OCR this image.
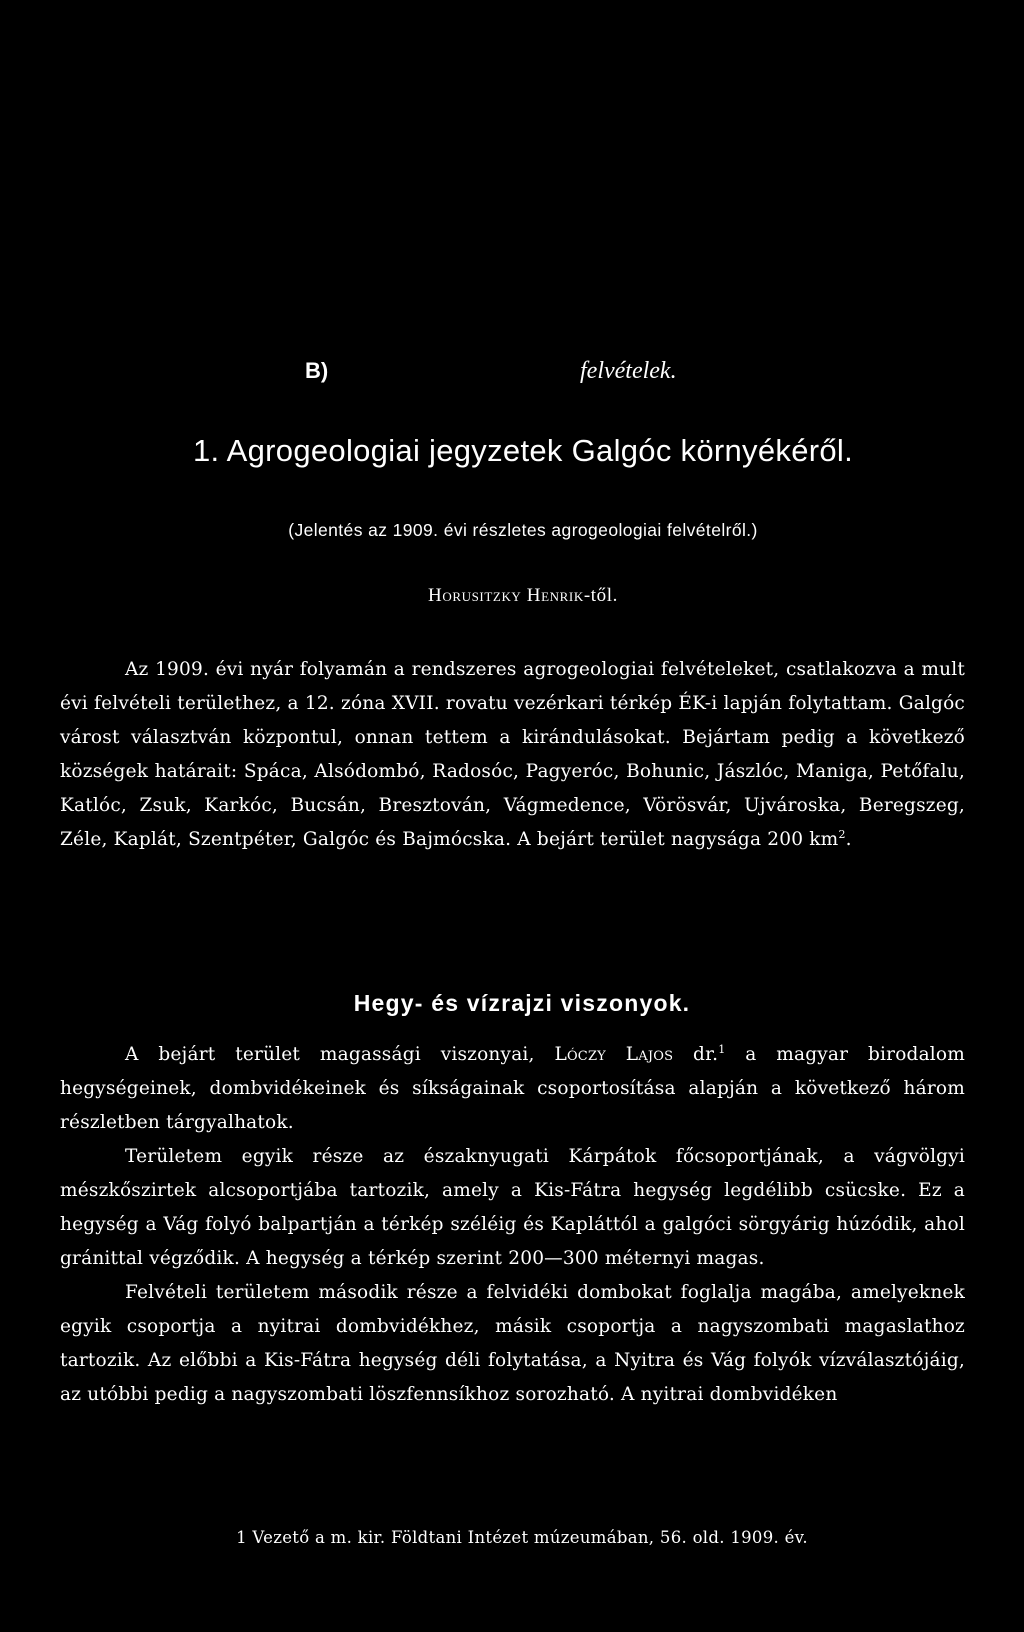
B)	felvételek.
1. Agrogeologiai jegyzetek Galgóc környékéről.
(Jelentés az 1909. évi részletes agrogeologiai felvételről.)
Horusitzky Henrik-től.

Az 1909. évi nyár folyamán a rendszeres agrogeologiai felvételeket, csatlakozva a mult évi felvételi területhez, a 12. zóna XVII. rovatu vezérkari térkép ÉK-i lapján folytattam. Galgóc várost választván központul, onnan tettem a kirándulásokat. Bejártam pedig a következő községek határait: Spáca, Alsódombó, Radosóc, Pagyeróc, Bohunic, Jászlóc, Maniga, Petőfalu, Katlóc, Zsuk, Karkóc, Bucsán, Bresztován, Vágmedence, Vörösvár, Ujvároska, Beregszeg, Zéle, Kaplát, Szentpéter, Galgóc és Bajmócska. A bejárt terület nagysága 200 $km^2$.

Hegy- és vízrajzi viszonyok.

A bejárt terület magassági viszonyai, Lóczy Lajos dr.$^1$ a magyar birodalom hegységeinek, dombvidékeinek és síkságainak csoportosítása alapján a következő három részletben tárgyalhatok.

Területem egyik része az északnyugati Kárpátok főcsoportjának, a vágvölgyi mészkőszirtek alcsoportjába tartozik, amely a Kis-Fátra hegység legdélibb csücske. Ez a hegység a Vág folyó balpartján a térkép széléig és Kapláttól a galgóci sörgyárig húzódik, ahol gránittal végződik. A hegység a térkép szerint 200—300 méternyi magas.

Felvételi területem második része a felvidéki dombokat foglalja magába, amelyeknek egyik csoportja a nyitrai dombvidékhez, másik csoportja a nagyszombati magaslathoz tartozik. Az előbbi a Kis-Fátra hegység déli folytatása, a Nyitra és Vág folyók vízválasztójáig, az utóbbi pedig a nagyszombati löszfennsíkhoz sorozható. A nyitrai dombvidéken

1 Vezető a m. kir. Földtani Intézet múzeumában, 56. old. 1909. év.
